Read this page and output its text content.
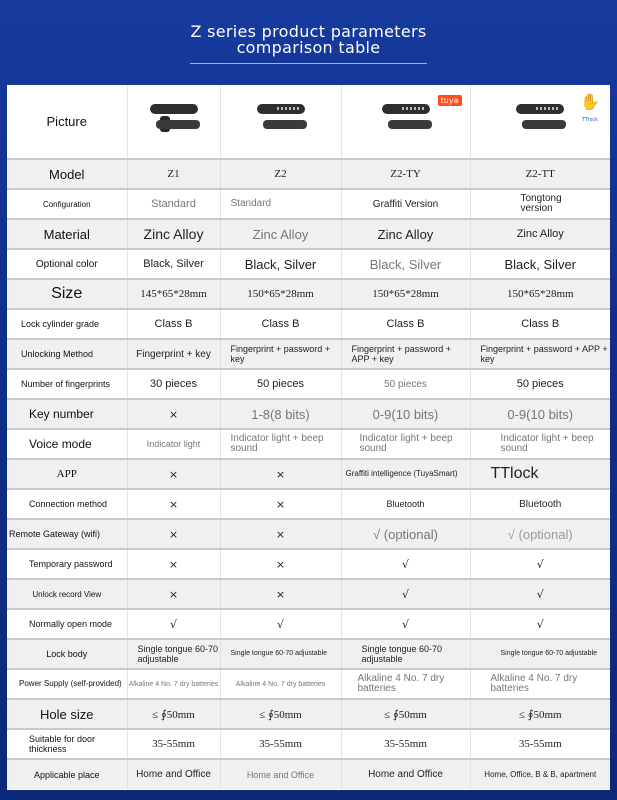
Z series product parameters
comparison table
Picture			tuya	✋
TTlock

Model	Z1	Z2	Z2-TY	Z2-TT
Configuration	Standard	Standard	Graffiti Version	Tongtong version
Material	Zinc Alloy	Zinc Alloy	Zinc Alloy	Zinc Alloy
Optional color	Black, Silver	Black, Silver	Black, Silver	Black, Silver
Size	145*65*28mm	150*65*28mm	150*65*28mm	150*65*28mm
Lock cylinder grade	Class B	Class B	Class B	Class B
Unlocking Method	Fingerprint + key	Fingerprint + password + key	Fingerprint + password + APP + key	Fingerprint + password + APP + key
Number of fingerprints	30 pieces	50 pieces	50 pieces	50 pieces
Key number	×	1-8(8 bits)	0-9(10 bits)	0-9(10 bits)
Voice mode	Indicator light	Indicator light + beep sound	Indicator light + beep sound	Indicator light + beep sound
APP	×	×	Graffiti intelligence (TuyaSmart)	TTlock
Connection method	×	×	Bluetooth	Bluetooth
Remote Gateway (wifi)	×	×	√ (optional)	√ (optional)
Temporary password	×	×	√	√
Unlock record View	×	×	√	√
Normally open mode	√	√	√	√
Lock body	Single tongue 60-70 adjustable	Single tongue 60-70 adjustable	Single tongue 60-70 adjustable	Single tongue 60-70 adjustable
Power Supply (self-provided)	Alkaline 4 No. 7 dry batteries	Alkaline 4 No. 7 dry batteries	Alkaline 4 No. 7 dry batteries	Alkaline 4 No. 7 dry batteries
Hole size	≤ ∮50mm	≤ ∮50mm	≤ ∮50mm	≤ ∮50mm
Suitable for door thickness	35-55mm	35-55mm	35-55mm	35-55mm
Applicable place	Home and Office	Home and Office	Home and Office	Home, Office, B & B, apartment
